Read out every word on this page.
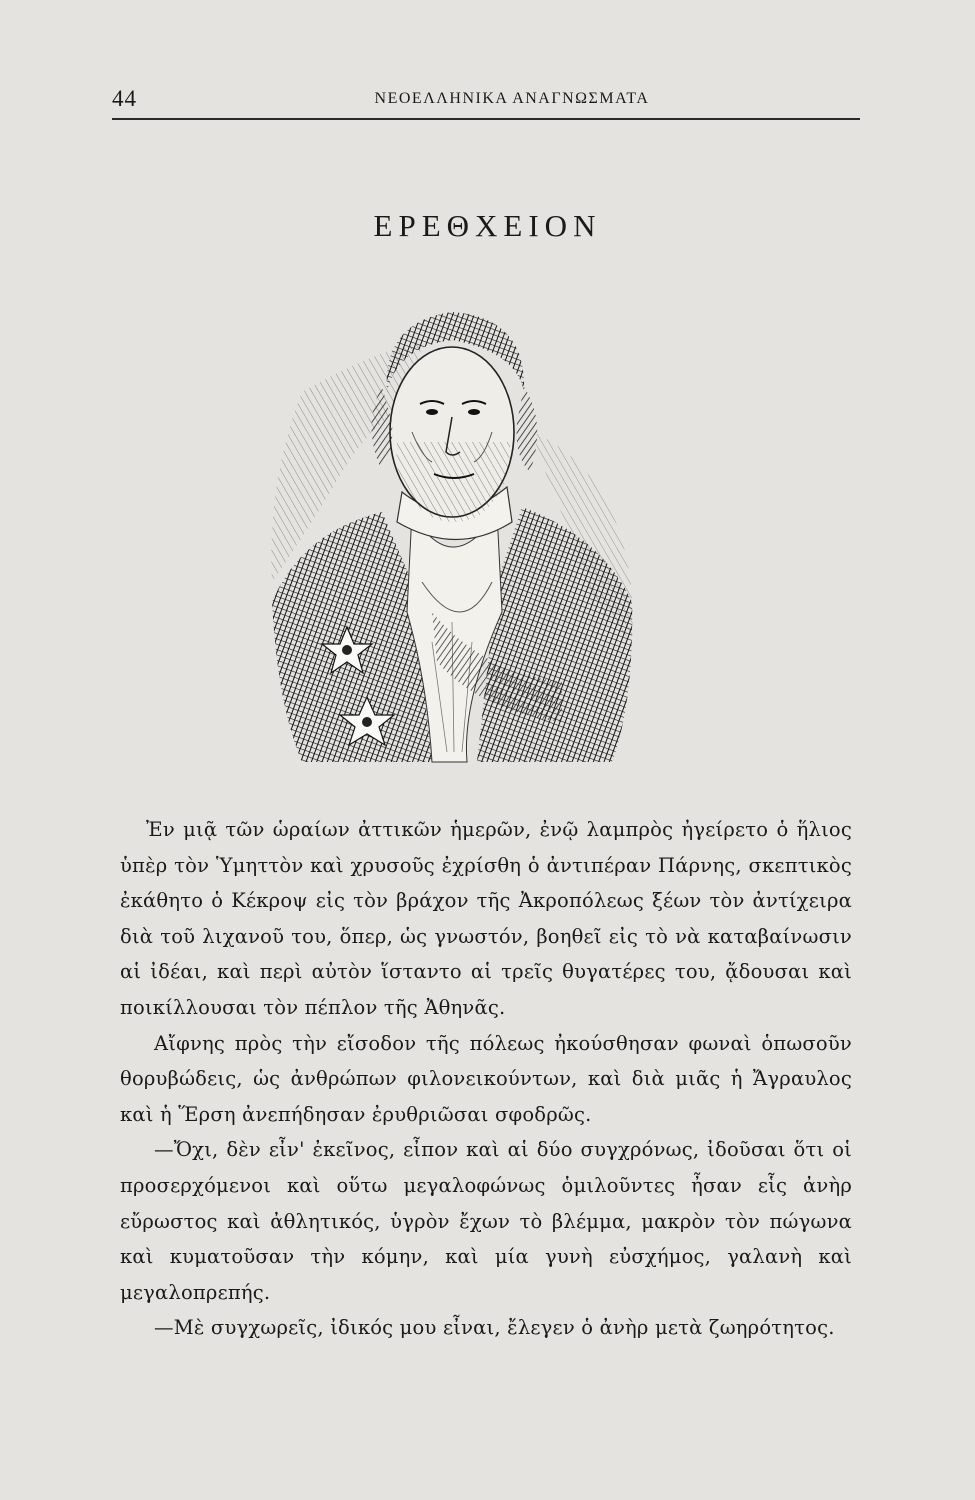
44	ΝΕΟΕΛΛΗΝΙΚΑ ΑΝΑΓΝΩΣΜΑΤΑ
ΕΡΕΘΧΕΙΟΝ

Ἐν μιᾷ τῶν ὡραίων ἀττικῶν ἡμερῶν, ἐνῷ λαμπρὸς ἠγείρετο ὁ ἥλιος ὑπὲρ τὸν Ὑμηττὸν καὶ χρυσοῦς ἐχρίσθη ὁ ἀντιπέραν Πάρνης, σκεπτικὸς ἐκάθητο ὁ Κέκροψ εἰς τὸν βράχον τῆς Ἀκροπόλεως ξέων τὸν ἀντίχειρα διὰ τοῦ λιχανοῦ του, ὅπερ, ὡς γνωστόν, βοηθεῖ εἰς τὸ νὰ καταβαίνωσιν αἱ ἰδέαι, καὶ περὶ αὐτὸν ἵσταντο αἱ τρεῖς θυγατέρες του, ᾄδουσαι καὶ ποικίλλουσαι τὸν πέπλον τῆς Ἀθηνᾶς.

Αἴφνης πρὸς τὴν εἴσοδον τῆς πόλεως ἠκούσθησαν φωναὶ ὁπωσοῦν θορυβώδεις, ὡς ἀνθρώπων φιλονεικούντων, καὶ διὰ μιᾶς ἡ Ἄγραυλος καὶ ἡ Ἕρση ἀνεπήδησαν ἐρυθριῶσαι σφοδρῶς.

—Ὄχι, δὲν εἶν' ἐκεῖνος, εἶπον καὶ αἱ δύο συγχρόνως, ἰδοῦσαι ὅτι οἱ προσερχόμενοι καὶ οὕτω μεγαλοφώνως ὁμιλοῦντες ἦσαν εἷς ἀνὴρ εὔρωστος καὶ ἀθλητικός, ὑγρὸν ἔχων τὸ βλέμμα, μακρὸν τὸν πώγωνα καὶ κυματοῦσαν τὴν κόμην, καὶ μία γυνὴ εὐσχήμος, γαλανὴ καὶ μεγαλοπρεπής.

—Μὲ συγχωρεῖς, ἰδικός μου εἶναι, ἔλεγεν ὁ ἀνὴρ μετὰ ζωηρότητος.
